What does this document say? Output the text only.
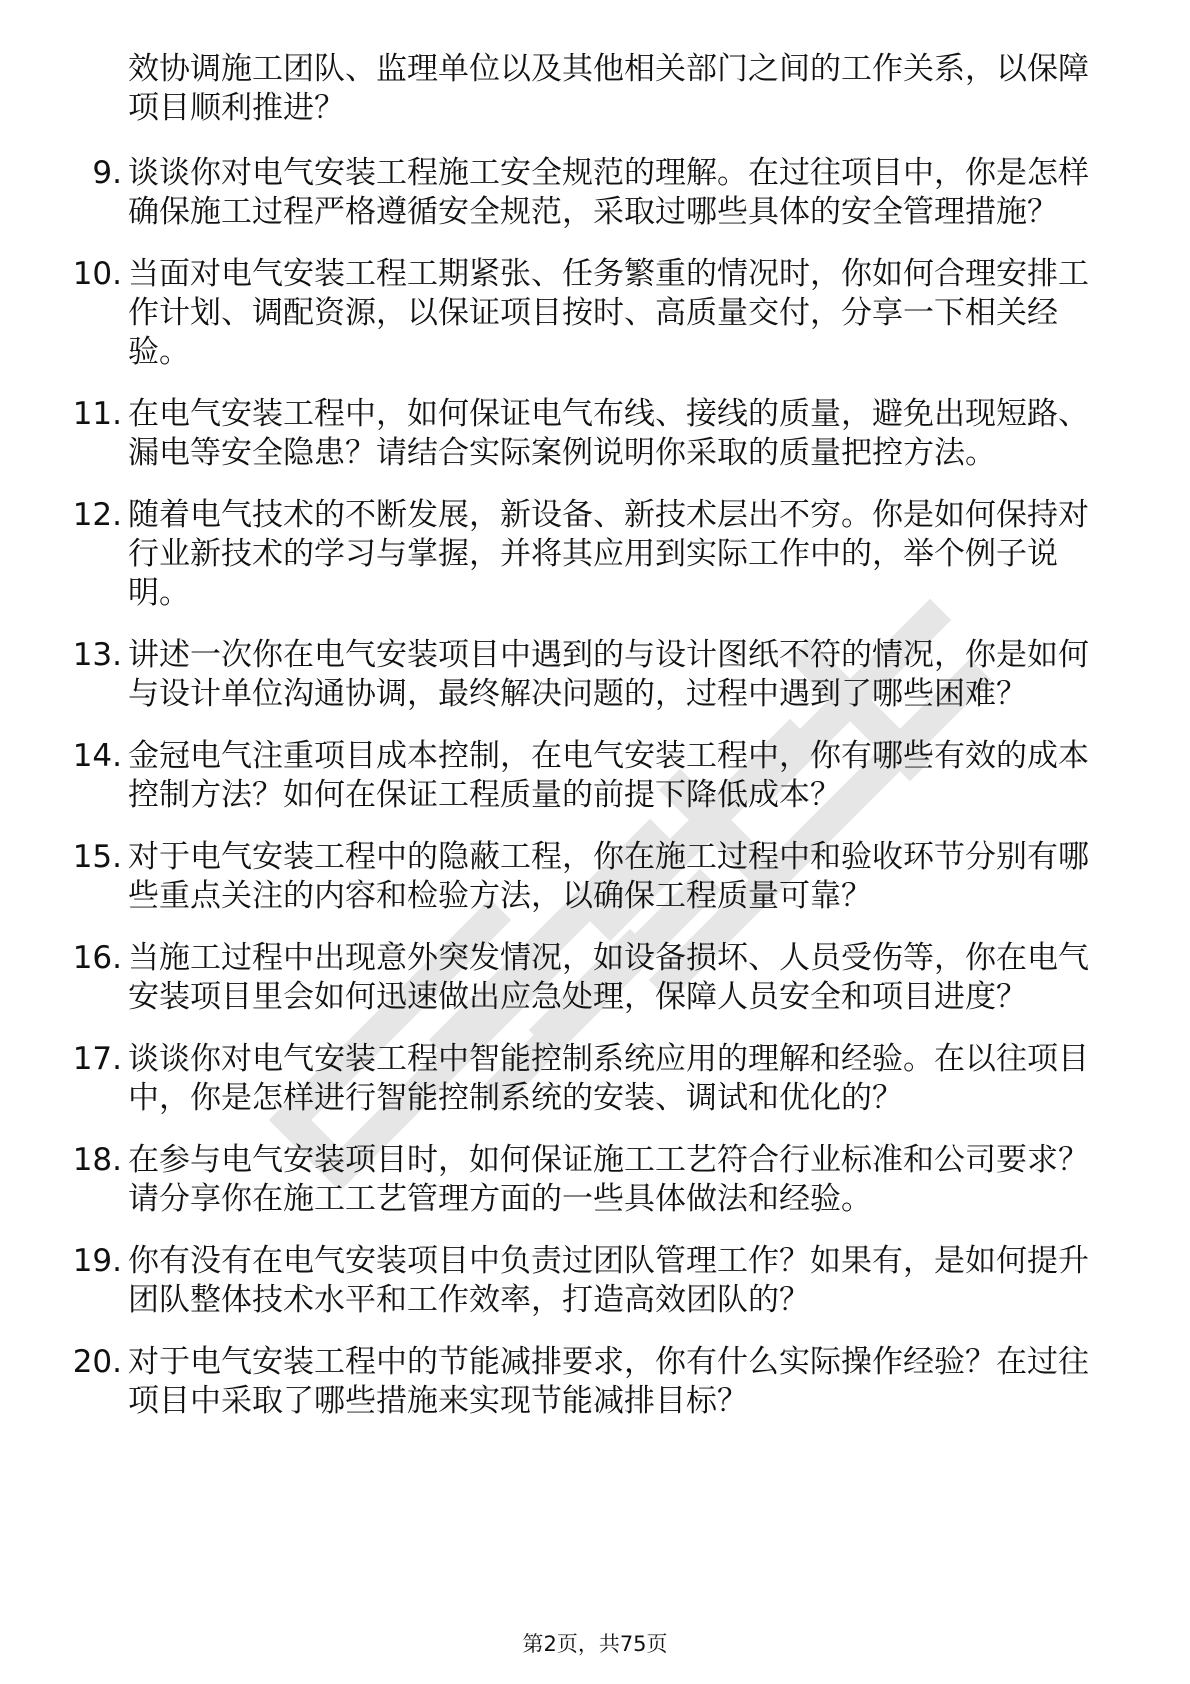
效协调施工团队、监理单位以及其他相关部门之间的工作关系，以保障项目顺利推进？
9. 谈谈你对电气安装工程施工安全规范的理解。在过往项目中，你是怎样确保施工过程严格遵循安全规范，采取过哪些具体的安全管理措施？
10. 当面对电气安装工程工期紧张、任务繁重的情况时，你如何合理安排工作计划、调配资源，以保证项目按时、高质量交付，分享一下相关经验。
11. 在电气安装工程中，如何保证电气布线、接线的质量，避免出现短路、漏电等安全隐患？请结合实际案例说明你采取的质量把控方法。
12. 随着电气技术的不断发展，新设备、新技术层出不穷。你是如何保持对行业新技术的学习与掌握，并将其应用到实际工作中的，举个例子说明。
13. 讲述一次你在电气安装项目中遇到的与设计图纸不符的情况，你是如何与设计单位沟通协调，最终解决问题的，过程中遇到了哪些困难？
14. 金冠电气注重项目成本控制，在电气安装工程中，你有哪些有效的成本控制方法？如何在保证工程质量的前提下降低成本？
15. 对于电气安装工程中的隐蔽工程，你在施工过程中和验收环节分别有哪些重点关注的内容和检验方法，以确保工程质量可靠？
16. 当施工过程中出现意外突发情况，如设备损坏、人员受伤等，你在电气安装项目里会如何迅速做出应急处理，保障人员安全和项目进度？
17. 谈谈你对电气安装工程中智能控制系统应用的理解和经验。在以往项目中，你是怎样进行智能控制系统的安装、调试和优化的？
18. 在参与电气安装项目时，如何保证施工工艺符合行业标准和公司要求？请分享你在施工工艺管理方面的一些具体做法和经验。
19. 你有没有在电气安装项目中负责过团队管理工作？如果有，是如何提升团队整体技术水平和工作效率，打造高效团队的？
20. 对于电气安装工程中的节能减排要求，你有什么实际操作经验？在过往项目中采取了哪些措施来实现节能减排目标？
第2页，共75页
